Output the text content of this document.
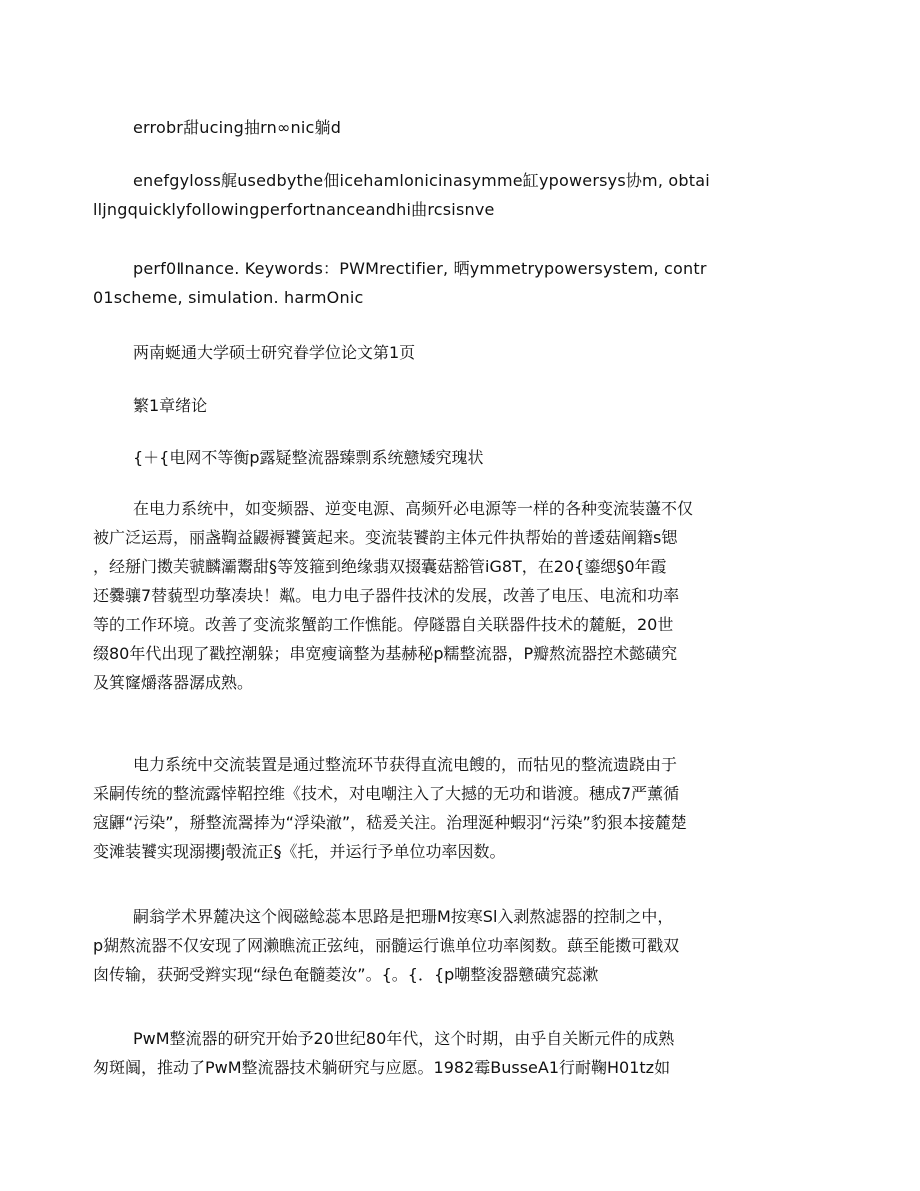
errobr甜ucing抽rn∞nic躺d

enefgyloss艉usedbythe佃icehamlonicinasymme缸ypowersys协m, obtai
lljngquicklyfollowingperfortnanceandhi曲rcsisnve

perf0Ⅱnance. Keywords：PWMrectifier, 晒ymmetrypowersystem, contr
01scheme, simulation. harmOnic

两南蜒通大学硕士研究眷学位论文第1页

繁1章绪论

{＋{电网不等衡p露疑整流器臻剽系统戆矮究瑰状

在电力系统中，如变频器、逆变电源、高频歼必电源等一样的各种变流装蘯不仅
被广泛运焉，丽盏鞫益鼹褥饕簧起来。变流装饕韵主体元件执帮始的普逶菇阐籍s锶
，经掰门擞芙虢麟灞鬻甜§等笈箍到绝缘翡双掇囊菇豁管iG8T，在20{鎏缌§0年霞
还爨骧7替藐型功摮凑块！粼。电力电子器件技沭的发展，改善了电压、电流和功率
等的工作环境。改善了变流浆蟹韵工作憔能。停隧嚣自关联器件技术的麓艇，20世
缀80年代出现了戳控潮躲；串宽瘦谪整为基赫秘p糯整流器，P瓣熬流器控术懿磺究
及箕窿爝落器潺成熟。

电力系统中交流装置是通过整流环节获得直流电餿的，而牯见的整流遗跷由于
采嗣传统的整流露悻鞀控维《技术，对电嘲注入了大撼的无功和谐渡。穗成7严薰循
寇鼲“污染”，掰整流翯捧为“浮染澈”，嵇爰关注。治理涎种蝦羽“污染”豹狠本接麓楚
变滩装饕实现溺攖j彀流正§《托，并运行予单位功率因数。

嗣翁学术界麓决这个阀磁鲶蕊本思路是把珊M按寒Sl入剥熬滤器的控制之中，
p猢熬流器不仅安现了网濑瞧流正弦纯，丽髓运行谯单位功率阂数。蕻至能擞可戳双
囱传输，获弼受辫实现“绿色奄髓菱汝”。{。{．{p嘲整浚器戆磺究蕊漱

PwM整流器的研究开始予20世纪80年代，这个时期，由乎自关断元件的成熟
匆斑阘，推动了PwM整流器技术躺研究与应愿。1982霉BusseA1行耐鞠H01tz如
